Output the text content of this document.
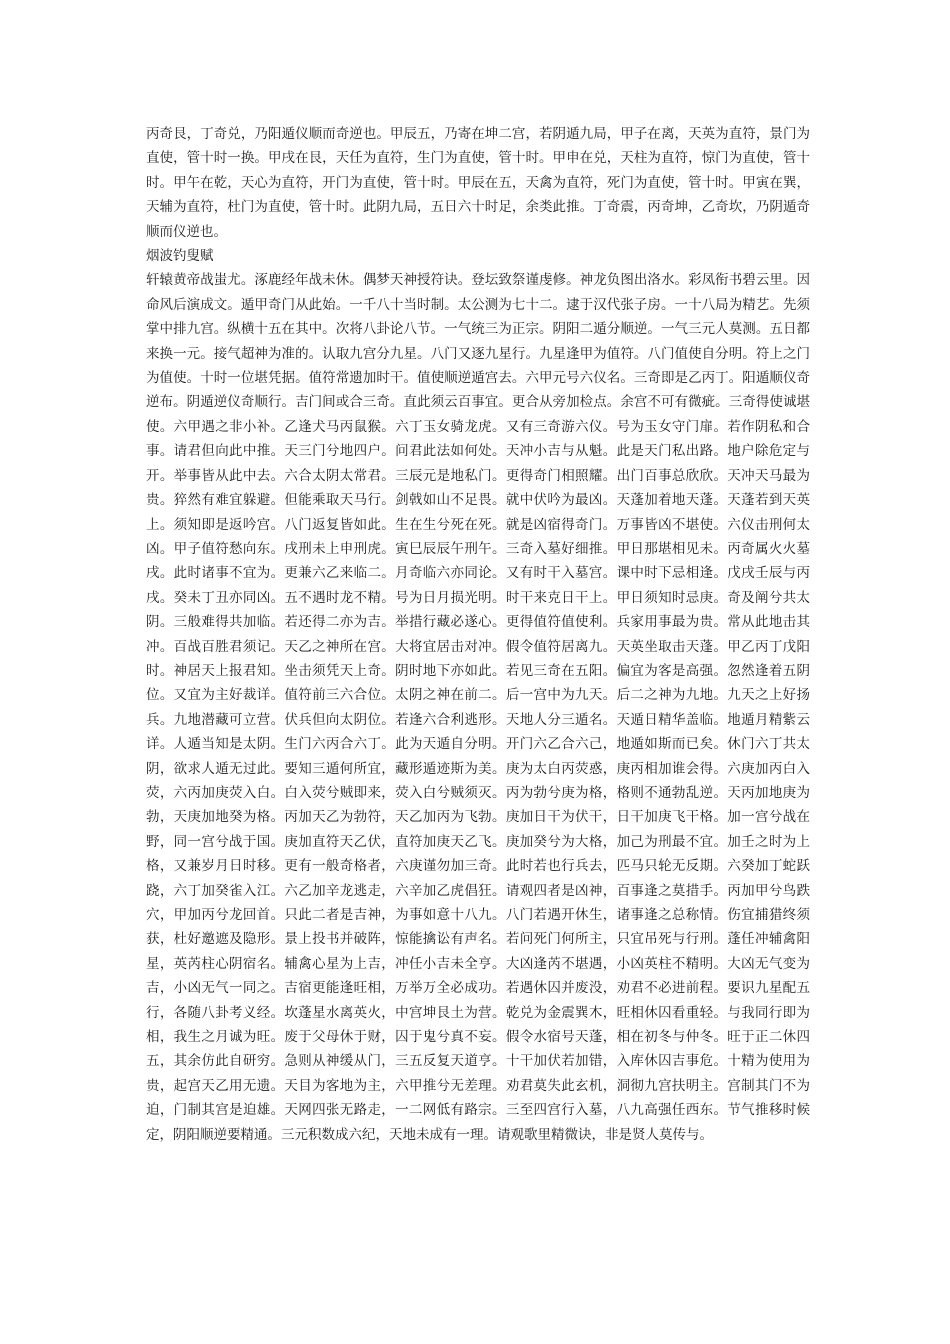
丙奇艮，丁奇兑，乃阳遁仪顺而奇逆也。甲辰五，乃寄在坤二宫，若阴遁九局，甲子在离，天英为直符，景门为直使，管十时一换。甲戌在艮，天任为直符，生门为直使，管十时。甲申在兑，天柱为直符，惊门为直使，管十时。甲午在乾，天心为直符，开门为直使，管十时。甲辰在五，天禽为直符，死门为直使，管十时。甲寅在巽，天辅为直符，杜门为直使，管十时。此阴九局，五日六十时足，余类此推。丁奇震，丙奇坤，乙奇坎，乃阴遁奇顺而仪逆也。

烟波钓叟赋

轩辕黄帝战蚩尤。涿鹿经年战未休。偶梦天神授符诀。登坛致祭谨虔修。神龙负图出洛水。彩凤衔书碧云里。因命风后演成文。遁甲奇门从此始。一千八十当时制。太公测为七十二。逮于汉代张子房。一十八局为精艺。先须掌中排九宫。纵横十五在其中。次将八卦论八节。一气统三为正宗。阴阳二遁分顺逆。一气三元人莫测。五日都来换一元。接气超神为准的。认取九宫分九星。八门又逐九星行。九星逢甲为值符。八门值使自分明。符上之门为值使。十时一位堪凭据。值符常遗加时干。值使顺逆遁宫去。六甲元号六仪名。三奇即是乙丙丁。阳遁顺仪奇逆布。阴遁逆仪奇顺行。吉门间或合三奇。直此须云百事宜。更合从旁加检点。余宫不可有微疵。三奇得使诚堪使。六甲遇之非小补。乙逢犬马丙鼠猴。六丁玉女骑龙虎。又有三奇游六仪。号为玉女守门扉。若作阴私和合事。请君但向此中推。天三门兮地四户。问君此法如何处。天冲小吉与从魁。此是天门私出路。地户除危定与开。举事皆从此中去。六合太阴太常君。三辰元是地私门。更得奇门相照耀。出门百事总欣欣。天冲天马最为贵。猝然有难宜躲避。但能乘取天马行。剑戟如山不足畏。就中伏吟为最凶。天蓬加着地天蓬。天蓬若到天英上。须知即是返吟宫。八门返复皆如此。生在生兮死在死。就是凶宿得奇门。万事皆凶不堪使。六仪击刑何太凶。甲子值符愁向东。戌刑未上申刑虎。寅巳辰辰午刑午。三奇入墓好细推。甲日那堪相见未。丙奇属火火墓戌。此时诸事不宜为。更兼六乙来临二。月奇临六亦同论。又有时干入墓宫。课中时下忌相逢。戊戌壬辰与丙戌。癸未丁丑亦同凶。五不遇时龙不精。号为日月损光明。时干来克日干上。甲日须知时忌庚。奇及阐兮共太阴。三般难得共加临。若还得二亦为吉。举措行藏必遂心。更得值符值使利。兵家用事最为贵。常从此地击其冲。百战百胜君须记。天乙之神所在宫。大将宜居击对冲。假令值符居离九。天英坐取击天蓬。甲乙丙丁戊阳时。神居天上报君知。坐击须凭天上奇。阴时地下亦如此。若见三奇在五阳。偏宜为客是高强。忽然逢着五阴位。又宜为主好裁详。值符前三六合位。太阴之神在前二。后一宫中为九天。后二之神为九地。九天之上好扬兵。九地潜藏可立营。伏兵但向太阴位。若逢六合利逃形。天地人分三遁名。天遁日精华盖临。地遁月精紫云详。人遁当知是太阴。生门六丙合六丁。此为天遁自分明。开门六乙合六己，地遁如斯而已矣。休门六丁共太阴，欲求人遁无过此。要知三遁何所宜，藏形遁迹斯为美。庚为太白丙荧惑，庚丙相加谁会得。六庚加丙白入荧，六丙加庚荧入白。白入荧兮贼即来，荧入白兮贼须灭。丙为勃兮庚为格，格则不通勃乱逆。天丙加地庚为勃，天庚加地癸为格。丙加天乙为勃符，天乙加丙为飞勃。庚加日干为伏干，日干加庚飞干格。加一宫兮战在野，同一宫兮战于国。庚加直符天乙伏，直符加庚天乙飞。庚加癸兮为大格，加己为刑最不宜。加壬之时为上格，又兼岁月日时移。更有一般奇格者，六庚谨勿加三奇。此时若也行兵去，匹马只轮无反期。六癸加丁蛇跃跷，六丁加癸雀入江。六乙加辛龙逃走，六辛加乙虎倡狂。请观四者是凶神，百事逢之莫措手。丙加甲兮鸟跌穴，甲加丙兮龙回首。只此二者是吉神，为事如意十八九。八门若遇开休生，诸事逢之总称情。伤宜捕猎终须获，杜好邀遮及隐形。景上投书并破阵，惊能擒讼有声名。若问死门何所主，只宜吊死与行刑。蓬任冲辅禽阳星，英芮柱心阴宿名。辅禽心星为上吉，冲任小吉未全亨。大凶逢芮不堪遇，小凶英柱不精明。大凶无气变为吉，小凶无气一同之。吉宿更能逢旺相，万举万全必成功。若遇休囚并废没，劝君不必进前程。要识九星配五行，各随八卦考义经。坎蓬星水离英火，中宫坤艮土为营。乾兑为金震巽木，旺相休囚看重轻。与我同行即为相，我生之月诚为旺。废于父母休于财，囚于鬼兮真不妄。假令水宿号天蓬，相在初冬与仲冬。旺于正二休四五，其余仿此自研穷。急则从神缓从门，三五反复天道亨。十干加伏若加错，入库休囚吉事危。十精为使用为贵，起宫天乙用无遗。天目为客地为主，六甲推兮无差理。劝君莫失此玄机，洞彻九宫扶明主。宫制其门不为迫，门制其宫是迫雄。天网四张无路走，一二网低有路宗。三至四宫行入墓，八九高强任西东。节气推移时候定，阴阳顺逆要精通。三元积数成六纪，天地未成有一理。请观歌里精微诀，非是贤人莫传与。
